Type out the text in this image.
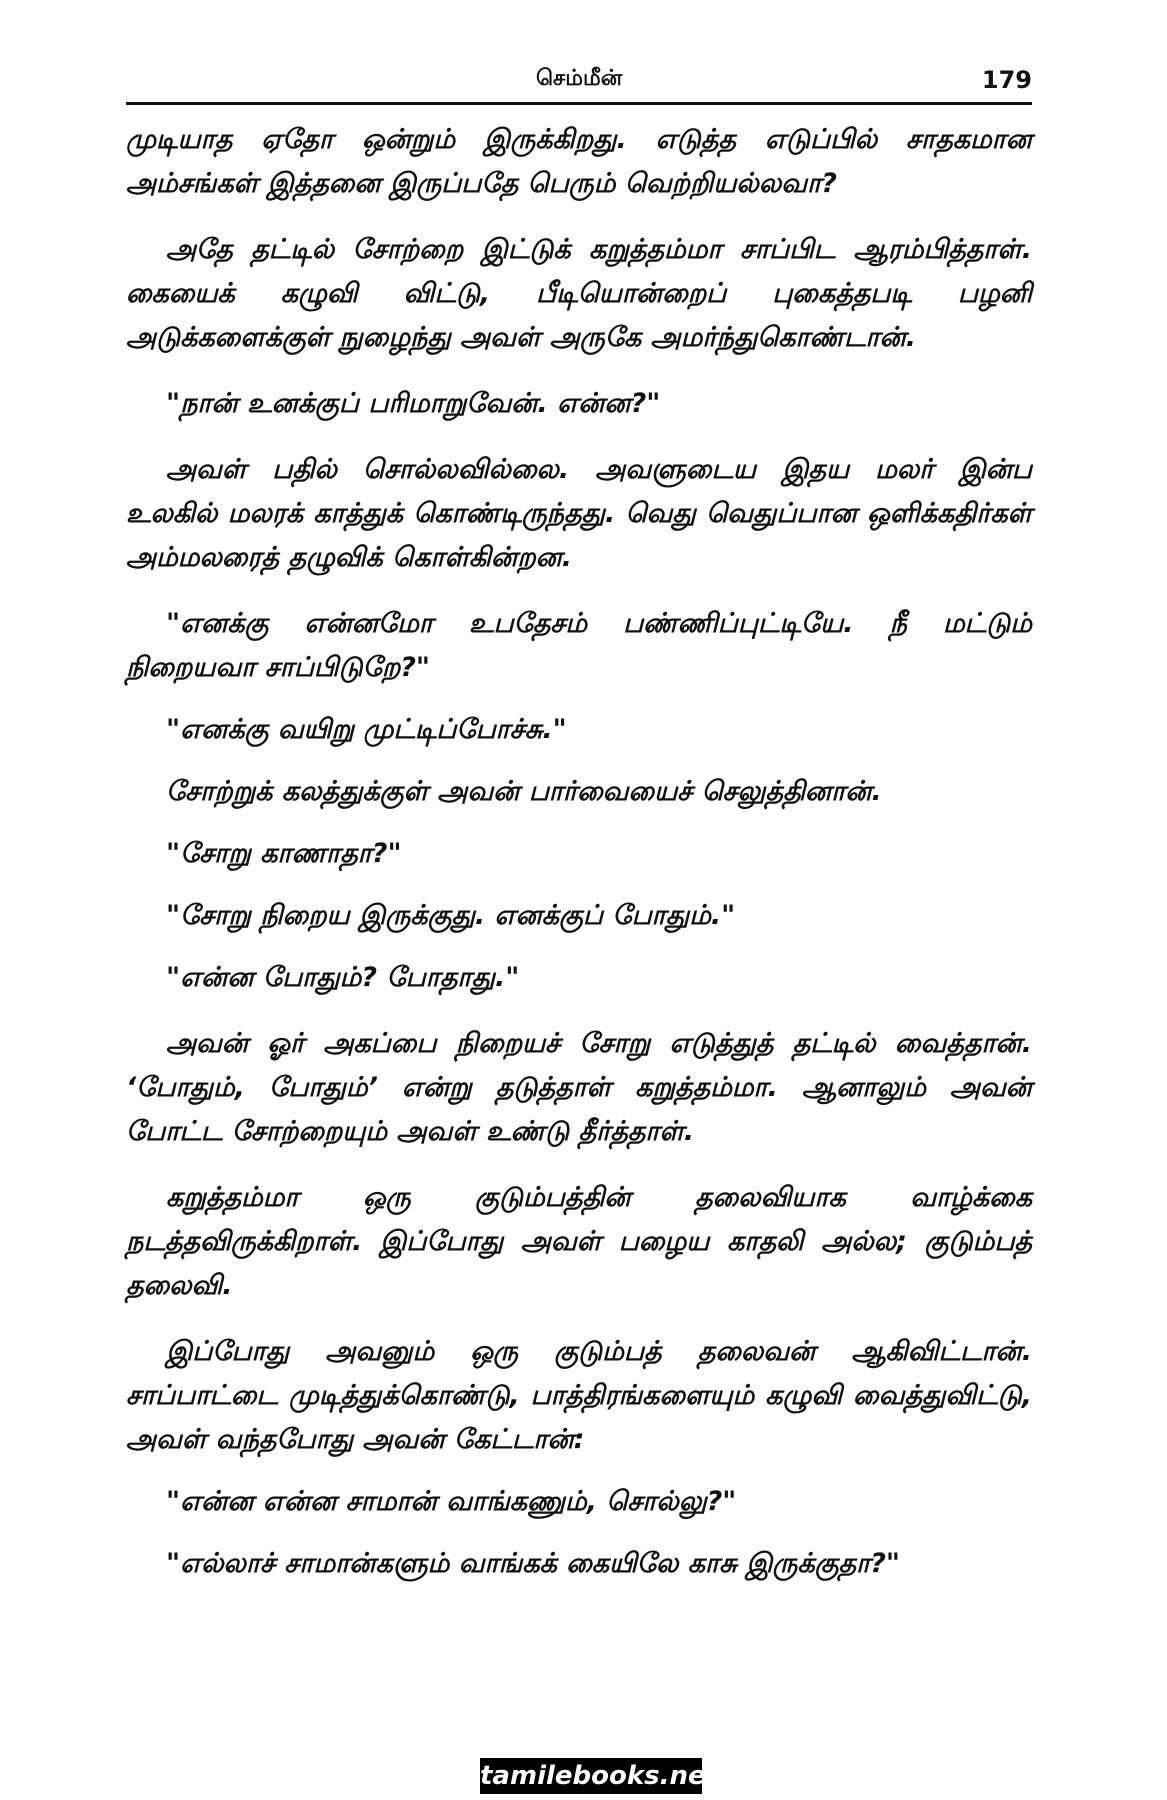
செம்மீன்	179

முடியாத ஏதோ ஒன்றும் இருக்கிறது. எடுத்த எடுப்பில் சாதகமான அம்சங்கள் இத்தனை இருப்பதே பெரும் வெற்றியல்லவா?

அதே தட்டில் சோற்றை இட்டுக் கறுத்தம்மா சாப்பிட ஆரம்பித்தாள். கையைக் கழுவி விட்டு, பீடியொன்றைப் புகைத்தபடி பழனி அடுக்களைக்குள் நுழைந்து அவள் அருகே அமர்ந்துகொண்டான்.

"நான் உனக்குப் பரிமாறுவேன். என்ன?"

அவள் பதில் சொல்லவில்லை. அவளுடைய இதய மலர் இன்ப உலகில் மலரக் காத்துக் கொண்டிருந்தது. வெது வெதுப்பான ஒளிக்கதிர்கள் அம்மலரைத் தழுவிக் கொள்கின்றன.

"எனக்கு என்னமோ உபதேசம் பண்ணிப்புட்டியே. நீ மட்டும் நிறையவா சாப்பிடுறே?"

"எனக்கு வயிறு முட்டிப்போச்சு."

சோற்றுக் கலத்துக்குள் அவன் பார்வையைச் செலுத்தினான்.

"சோறு காணாதா?"

"சோறு நிறைய இருக்குது. எனக்குப் போதும்."

"என்ன போதும்? போதாது."

அவன் ஓர் அகப்பை நிறையச் சோறு எடுத்துத் தட்டில் வைத்தான். ‘போதும், போதும்’ என்று தடுத்தாள் கறுத்தம்மா. ஆனாலும் அவன் போட்ட சோற்றையும் அவள் உண்டு தீர்த்தாள்.

கறுத்தம்மா ஒரு குடும்பத்தின் தலைவியாக வாழ்க்கை நடத்தவிருக்கிறாள். இப்போது அவள் பழைய காதலி அல்ல; குடும்பத் தலைவி.

இப்போது அவனும் ஒரு குடும்பத் தலைவன் ஆகிவிட்டான். சாப்பாட்டை முடித்துக்கொண்டு, பாத்திரங்களையும் கழுவி வைத்துவிட்டு, அவள் வந்தபோது அவன் கேட்டான்:

"என்ன என்ன சாமான் வாங்கணும், சொல்லு?"

"எல்லாச் சாமான்களும் வாங்கக் கையிலே காசு இருக்குதா?"

tamilebooks.net
